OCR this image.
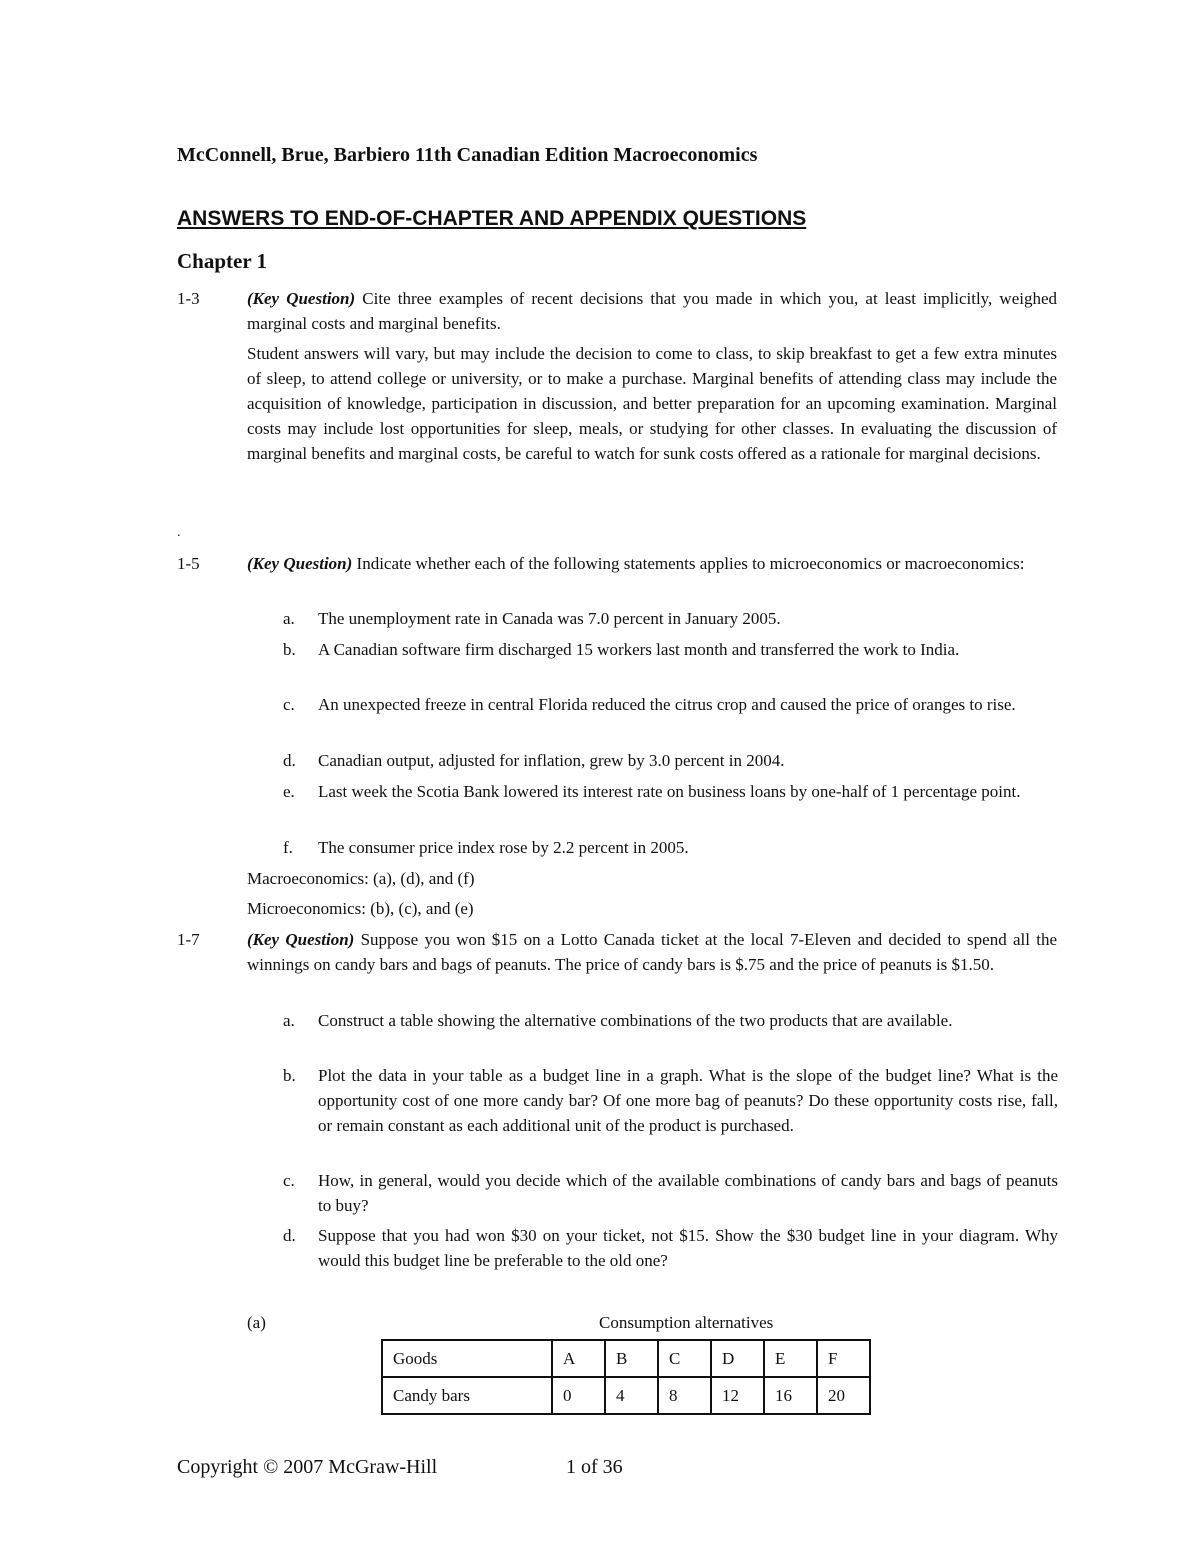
McConnell, Brue, Barbiero 11th Canadian Edition Macroeconomics
ANSWERS TO END-OF-CHAPTER AND APPENDIX QUESTIONS
Chapter 1
1-3	(Key Question) Cite three examples of recent decisions that you made in which you, at least implicitly, weighed marginal costs and marginal benefits.
Student answers will vary, but may include the decision to come to class, to skip breakfast to get a few extra minutes of sleep, to attend college or university, or to make a purchase. Marginal benefits of attending class may include the acquisition of knowledge, participation in discussion, and better preparation for an upcoming examination. Marginal costs may include lost opportunities for sleep, meals, or studying for other classes. In evaluating the discussion of marginal benefits and marginal costs, be careful to watch for sunk costs offered as a rationale for marginal decisions.
.
1-5	(Key Question) Indicate whether each of the following statements applies to microeconomics or macroeconomics:
a.	The unemployment rate in Canada was 7.0 percent in January 2005.
b.	A Canadian software firm discharged 15 workers last month and transferred the work to India.
c.	An unexpected freeze in central Florida reduced the citrus crop and caused the price of oranges to rise.
d.	Canadian output, adjusted for inflation, grew by 3.0 percent in 2004.
e.	Last week the Scotia Bank lowered its interest rate on business loans by one-half of 1 percentage point.
f.	The consumer price index rose by 2.2 percent in 2005.
Macroeconomics: (a), (d), and (f)
Microeconomics: (b), (c), and (e)
1-7	(Key Question) Suppose you won $15 on a Lotto Canada ticket at the local 7-Eleven and decided to spend all the winnings on candy bars and bags of peanuts. The price of candy bars is $.75 and the price of peanuts is $1.50.
a.	Construct a table showing the alternative combinations of the two products that are available.
b.	Plot the data in your table as a budget line in a graph. What is the slope of the budget line? What is the opportunity cost of one more candy bar? Of one more bag of peanuts? Do these opportunity costs rise, fall, or remain constant as each additional unit of the product is purchased.
c.	How, in general, would you decide which of the available combinations of candy bars and bags of peanuts to buy?
d.	Suppose that you had won $30 on your ticket, not $15. Show the $30 budget line in your diagram. Why would this budget line be preferable to the old one?
(a)	Consumption alternatives
Goods	A	B	C	D	E	F
Candy bars	0	4	8	12	16	20
Copyright © 2007 McGraw-Hill	1 of 36
